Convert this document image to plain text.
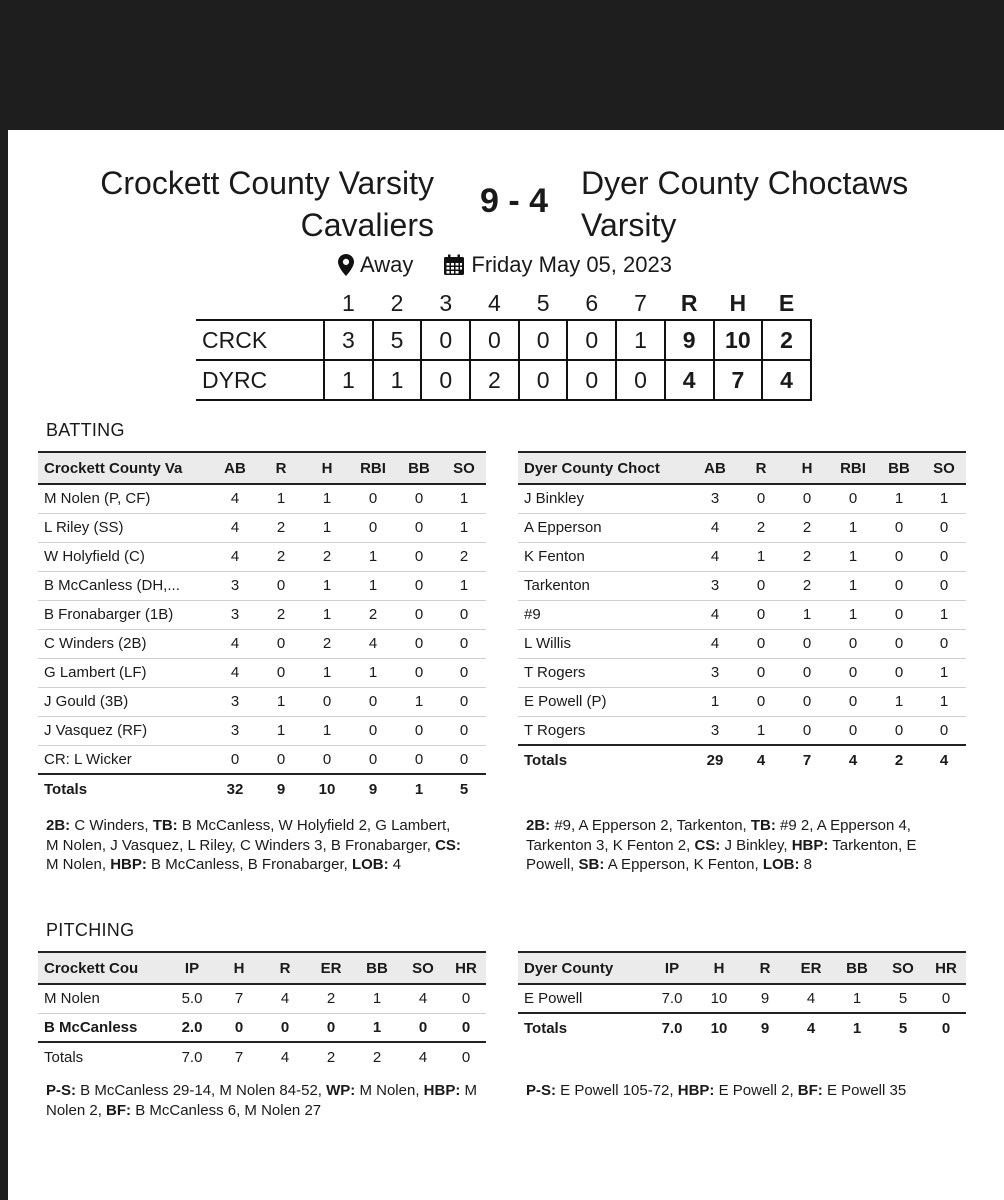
Crockett County Varsity Cavaliers
9 - 4	Dyer County Choctaws Varsity
Away	Friday May 05, 2023
	1	2	3	4	5	6	7	R	H	E
CRCK	3	5	0	0	0	0	1	9	10	2
DYRC	1	1	0	2	0	0	0	4	7	4
BATTING
Crockett County Va	AB	R	H	RBI	BB	SO
M Nolen (P, CF)	4	1	1	0	0	1
L Riley (SS)	4	2	1	0	0	1
W Holyfield (C)	4	2	2	1	0	2
B McCanless (DH,...	3	0	1	1	0	1
B Fronabarger (1B)	3	2	1	2	0	0
C Winders (2B)	4	0	2	4	0	0
G Lambert (LF)	4	0	1	1	0	0
J Gould (3B)	3	1	0	0	1	0
J Vasquez (RF)	3	1	1	0	0	0
CR: L Wicker	0	0	0	0	0	0
Totals	32	9	10	9	1	5
Dyer County Choct	AB	R	H	RBI	BB	SO
J Binkley	3	0	0	0	1	1
A Epperson	4	2	2	1	0	0
K Fenton	4	1	2	1	0	0
Tarkenton	3	0	2	1	0	0
#9	4	0	1	1	0	1
L Willis	4	0	0	0	0	0
T Rogers	3	0	0	0	0	1
E Powell (P)	1	0	0	0	1	1
T Rogers	3	1	0	0	0	0
Totals	29	4	7	4	2	4
2B: C Winders, TB: B McCanless, W Holyfield 2, G Lambert, M Nolen, J Vasquez, L Riley, C Winders 3, B Fronabarger, CS: M Nolen, HBP: B McCanless, B Fronabarger, LOB: 4
2B: #9, A Epperson 2, Tarkenton, TB: #9 2, A Epperson 4, Tarkenton 3, K Fenton 2, CS: J Binkley, HBP: Tarkenton, E Powell, SB: A Epperson, K Fenton, LOB: 8
PITCHING
Crockett Cou	IP	H	R	ER	BB	SO	HR
M Nolen	5.0	7	4	2	1	4	0
B McCanless	2.0	0	0	0	1	0	0
Totals	7.0	7	4	2	2	4	0
Dyer County	IP	H	R	ER	BB	SO	HR
E Powell	7.0	10	9	4	1	5	0
Totals	7.0	10	9	4	1	5	0
P-S: B McCanless 29-14, M Nolen 84-52, WP: M Nolen, HBP: M Nolen 2, BF: B McCanless 6, M Nolen 27
P-S: E Powell 105-72, HBP: E Powell 2, BF: E Powell 35
